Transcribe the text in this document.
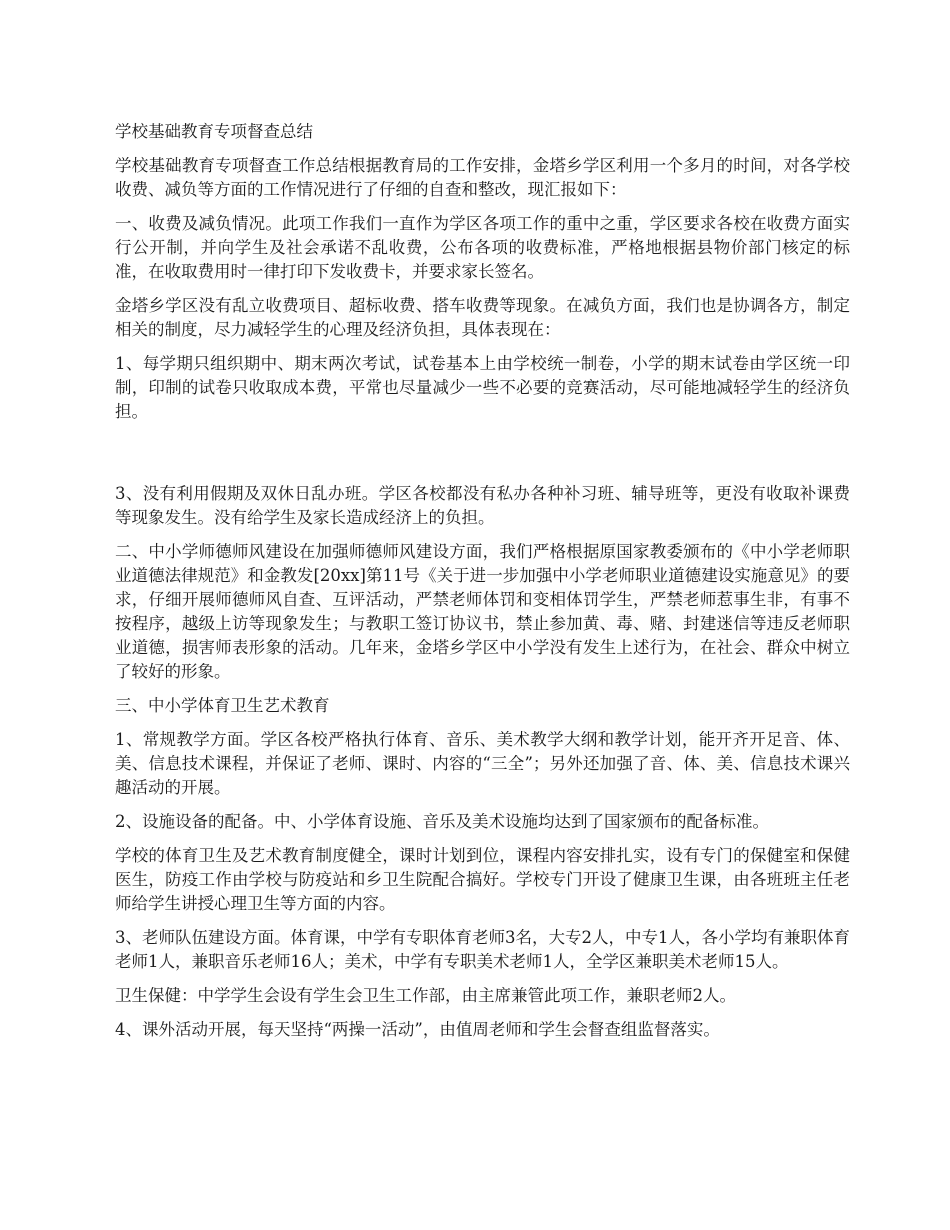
学校基础教育专项督查总结

学校基础教育专项督查工作总结根据教育局的工作安排，金塔乡学区利用一个多月的时间，对各学校收费、减负等方面的工作情况进行了仔细的自查和整改，现汇报如下：

一、收费及减负情况。此项工作我们一直作为学区各项工作的重中之重，学区要求各校在收费方面实行公开制，并向学生及社会承诺不乱收费，公布各项的收费标准，严格地根据县物价部门核定的标准，在收取费用时一律打印下发收费卡，并要求家长签名。

金塔乡学区没有乱立收费项目、超标收费、搭车收费等现象。在减负方面，我们也是协调各方，制定相关的制度，尽力减轻学生的心理及经济负担，具体表现在：

1、每学期只组织期中、期末两次考试，试卷基本上由学校统一制卷，小学的期末试卷由学区统一印制，印制的试卷只收取成本费，平常也尽量减少一些不必要的竞赛活动，尽可能地减轻学生的经济负担。

3、没有利用假期及双休日乱办班。学区各校都没有私办各种补习班、辅导班等，更没有收取补课费等现象发生。没有给学生及家长造成经济上的负担。

二、中小学师德师风建设在加强师德师风建设方面，我们严格根据原国家教委颁布的《中小学老师职业道德法律规范》和金教发[20xx]第11号《关于进一步加强中小学老师职业道德建设实施意见》的要求，仔细开展师德师风自查、互评活动，严禁老师体罚和变相体罚学生，严禁老师惹事生非，有事不按程序，越级上访等现象发生；与教职工签订协议书，禁止参加黄、毒、赌、封建迷信等违反老师职业道德，损害师表形象的活动。几年来，金塔乡学区中小学没有发生上述行为，在社会、群众中树立了较好的形象。

三、中小学体育卫生艺术教育

1、常规教学方面。学区各校严格执行体育、音乐、美术教学大纲和教学计划，能开齐开足音、体、美、信息技术课程，并保证了老师、课时、内容的“三全”；另外还加强了音、体、美、信息技术课兴趣活动的开展。

2、设施设备的配备。中、小学体育设施、音乐及美术设施均达到了国家颁布的配备标准。

学校的体育卫生及艺术教育制度健全，课时计划到位，课程内容安排扎实，设有专门的保健室和保健医生，防疫工作由学校与防疫站和乡卫生院配合搞好。学校专门开设了健康卫生课，由各班班主任老师给学生讲授心理卫生等方面的内容。

3、老师队伍建设方面。体育课，中学有专职体育老师3名，大专2人，中专1人，各小学均有兼职体育老师1人，兼职音乐老师16人；美术，中学有专职美术老师1人，全学区兼职美术老师15人。

卫生保健：中学学生会设有学生会卫生工作部，由主席兼管此项工作，兼职老师2人。

4、课外活动开展，每天坚持“两操一活动”，由值周老师和学生会督查组监督落实。
